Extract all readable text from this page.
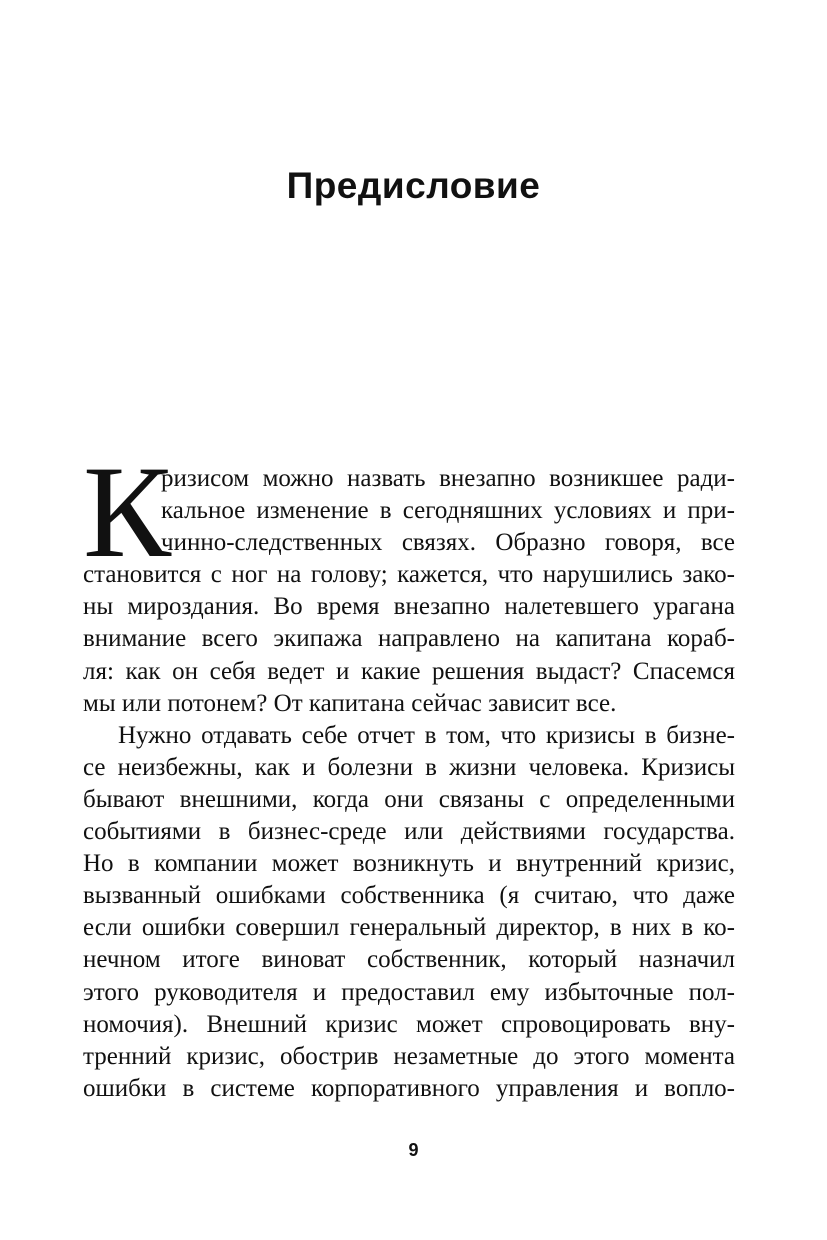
Предисловие
К
ризисом можно назвать внезапно возникшее ради-
кальное изменение в сегодняшних условиях и при-
чинно-следственных связях. Образно говоря, все
становится с ног на голову; кажется, что нарушились зако-
ны мироздания. Во время внезапно налетевшего урагана
внимание всего экипажа направлено на капитана кораб-
ля: как он себя ведет и какие решения выдаст? Спасемся
мы или потонем? От капитана сейчас зависит все.
Нужно отдавать себе отчет в том, что кризисы в бизне-
се неизбежны, как и болезни в жизни человека. Кризисы
бывают внешними, когда они связаны с определенными
событиями в бизнес-среде или действиями государства.
Но в компании может возникнуть и внутренний кризис,
вызванный ошибками собственника (я считаю, что даже
если ошибки совершил генеральный директор, в них в ко-
нечном итоге виноват собственник, который назначил
этого руководителя и предоставил ему избыточные пол-
номочия). Внешний кризис может спровоцировать вну-
тренний кризис, обострив незаметные до этого момента
ошибки в системе корпоративного управления и вопло-
9
